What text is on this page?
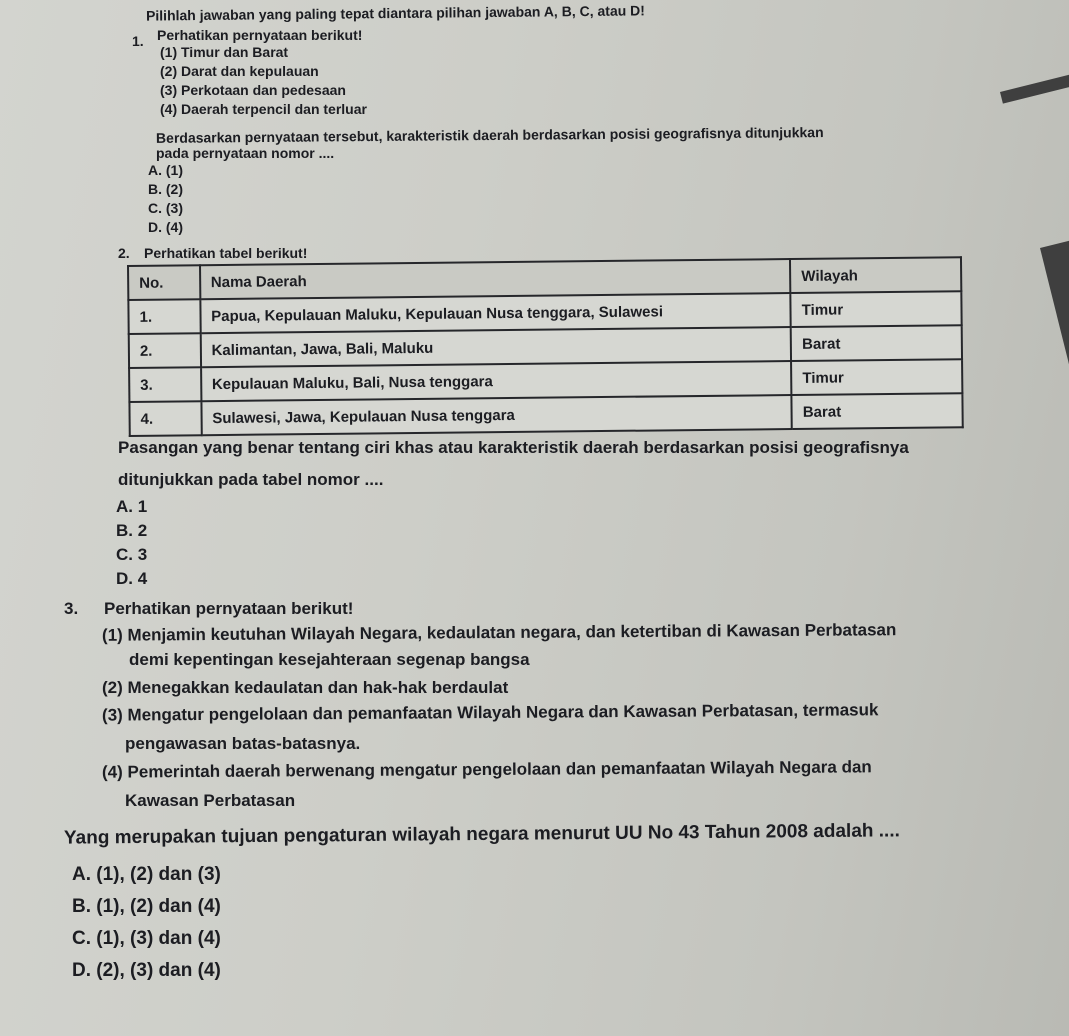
Pilihlah jawaban yang paling tepat diantara pilihan jawaban A, B, C, atau D!
1. Perhatikan pernyataan berikut!
(1) Timur dan Barat
(2) Darat dan kepulauan
(3) Perkotaan dan pedesaan
(4) Daerah terpencil dan terluar
Berdasarkan pernyataan tersebut, karakteristik daerah berdasarkan posisi geografisnya ditunjukkan
pada pernyataan nomor ....
A. (1)
B. (2)
C. (3)
D. (4)
2. Perhatikan tabel berikut!
No.	Nama Daerah	Wilayah
1.	Papua, Kepulauan Maluku, Kepulauan Nusa tenggara, Sulawesi	Timur
2.	Kalimantan, Jawa, Bali, Maluku	Barat
3.	Kepulauan Maluku, Bali, Nusa tenggara	Timur
4.	Sulawesi, Jawa, Kepulauan Nusa tenggara	Barat
Pasangan yang benar tentang ciri khas atau karakteristik daerah berdasarkan posisi geografisnya
ditunjukkan pada tabel nomor ....
A. 1
B. 2
C. 3
D. 4
3. Perhatikan pernyataan berikut!
(1) Menjamin keutuhan Wilayah Negara, kedaulatan negara, dan ketertiban di Kawasan Perbatasan
demi kepentingan kesejahteraan segenap bangsa
(2) Menegakkan kedaulatan dan hak-hak berdaulat
(3) Mengatur pengelolaan dan pemanfaatan Wilayah Negara dan Kawasan Perbatasan, termasuk
pengawasan batas-batasnya.
(4) Pemerintah daerah berwenang mengatur pengelolaan dan pemanfaatan Wilayah Negara dan
Kawasan Perbatasan
Yang merupakan tujuan pengaturan wilayah negara menurut UU No 43 Tahun 2008 adalah ....
A. (1), (2) dan (3)
B. (1), (2) dan (4)
C. (1), (3) dan (4)
D. (2), (3) dan (4)
